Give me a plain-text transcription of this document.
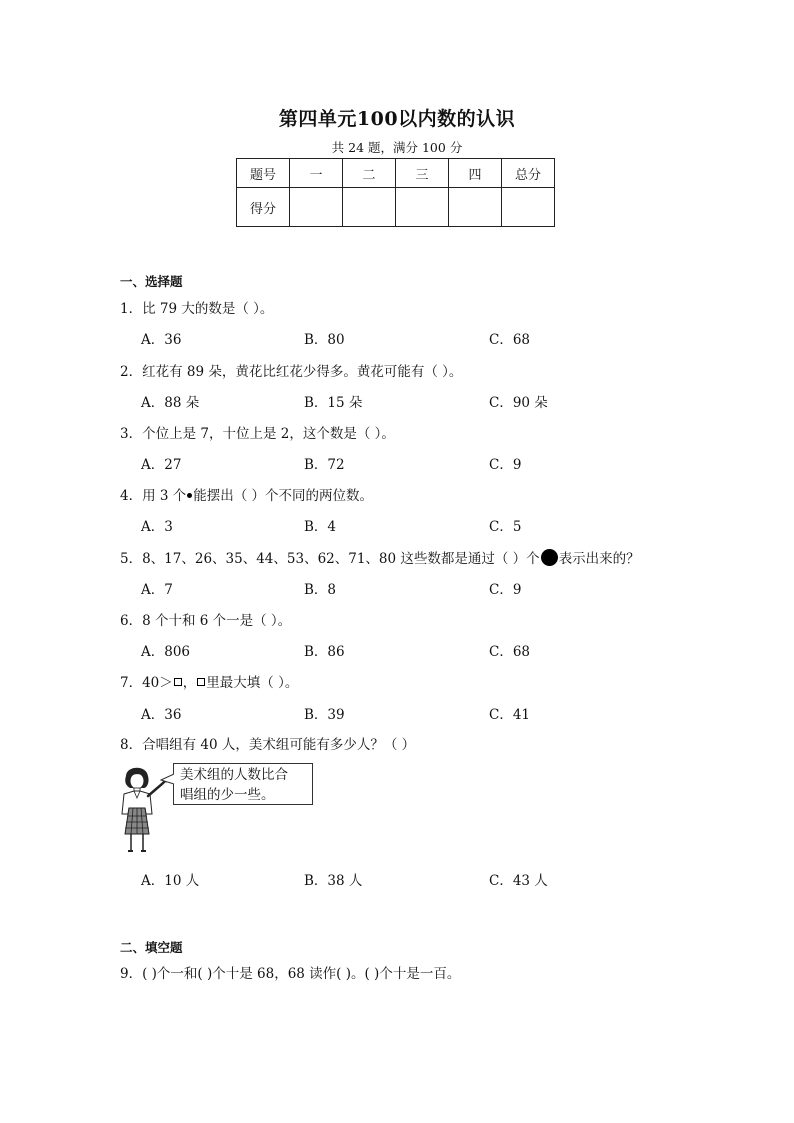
第四单元100以内数的认识
共 24 题，满分 100 分
题号	一	二	三	四	总分
得分					
一、选择题
1．比 79 大的数是（ ）。
A．36	B．80	C．68
2．红花有 89 朵，黄花比红花少得多。黄花可能有（ ）。
A．88 朵	B．15 朵	C．90 朵
3．个位上是 7，十位上是 2，这个数是（ ）。
A．27	B．72	C．9
4．用 3 个 能摆出（ ）个不同的两位数。
A．3	B．4	C．5
5．8、17、26、35、44、53、62、71、80 这些数都是通过（ ）个 表示出来的？
A．7	B．8	C．9
6．8 个十和 6 个一是（ ）。
A．806	B．86	C．68
7．40＞ ， 里最大填（ ）。
A．36	B．39	C．41
8．合唱组有 40 人，美术组可能有多少人？（ ）
美术组的人数比合
唱组的少一些。
A．10 人	B．38 人	C．43 人
二、填空题
9．( )个一和( )个十是 68，68 读作( )。( )个十是一百。
